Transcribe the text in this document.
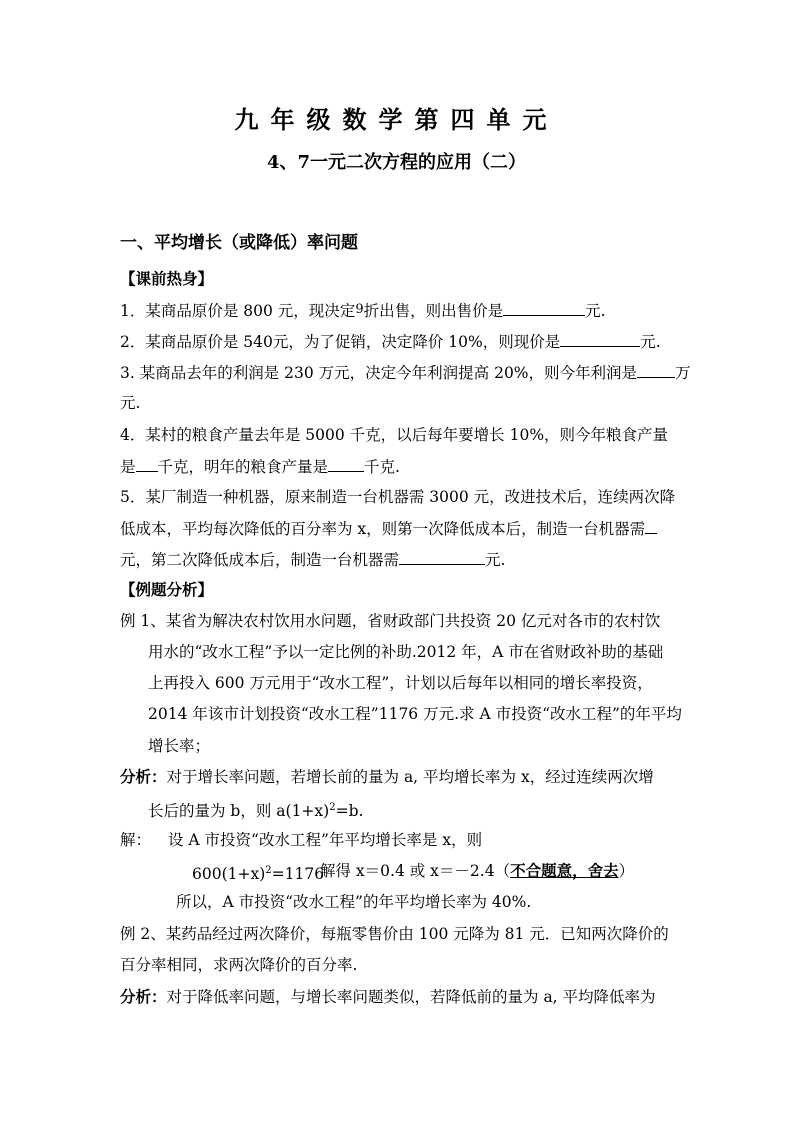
九年级数学第四单元
4、7一元二次方程的应用（二）
一、平均增长（或降低）率问题
【课前热身】
1．某商品原价是 800 元，现决定9折出售，则出售价是	元.
2．某商品原价是 540元，为了促销，决定降价 10%，则现价是	元.
3. 某商品去年的利润是 230 万元，决定今年利润提高 20%，则今年利润是 万
元.
4．某村的粮食产量去年是 5000 千克，以后每年要增长 10%，则今年粮食产量
是 千克，明年的粮食产量是 千克.
5．某厂制造一种机器，原来制造一台机器需 3000 元，改进技术后，连续两次降
低成本，平均每次降低的百分率为 x，则第一次降低成本后，制造一台机器需
元，第二次降低成本后，制造一台机器需	元.
【例题分析】
例 1、某省为解决农村饮用水问题，省财政部门共投资 20 亿元对各市的农村饮
用水的“改水工程”予以一定比例的补助.2012 年，A 市在省财政补助的基础
上再投入 600 万元用于“改水工程”，计划以后每年以相同的增长率投资，
2014 年该市计划投资“改水工程”1176 万元.求 A 市投资“改水工程”的年平均
增长率；
分析：对于增长率问题，若增长前的量为 a, 平均增长率为 x，经过连续两次增
长后的量为 b，则 $a(1+x)^2=b$.
解： 设 A 市投资“改水工程”年平均增长率是 x，则
$600(1+x)^2=1176$
解得 x＝0.4 或 x＝－2.4（不合题意，舍去）
所以，A 市投资“改水工程”的年平均增长率为 40%.
例 2、某药品经过两次降价，每瓶零售价由 100 元降为 81 元．已知两次降价的
百分率相同，求两次降价的百分率.
分析：对于降低率问题，与增长率问题类似，若降低前的量为 a, 平均降低率为
